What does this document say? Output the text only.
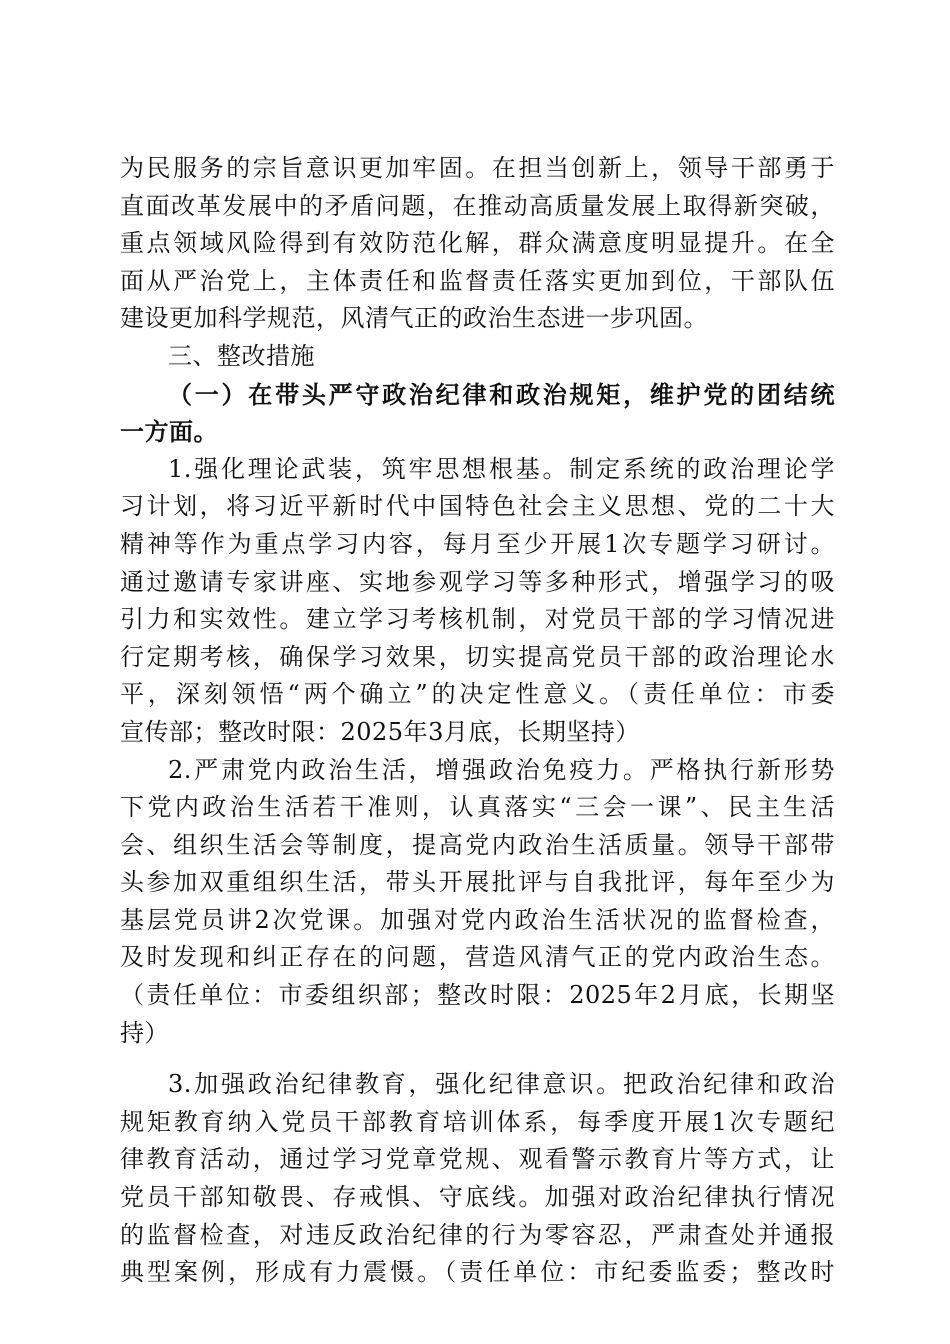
为民服务的宗旨意识更加牢固。在担当创新上，领导干部勇于
直面改革发展中的矛盾问题，在推动高质量发展上取得新突破，
重点领域风险得到有效防范化解，群众满意度明显提升。在全
面从严治党上，主体责任和监督责任落实更加到位，干部队伍
建设更加科学规范，风清气正的政治生态进一步巩固。
三、整改措施
（一）在带头严守政治纪律和政治规矩，维护党的团结统
一方面。
1.强化理论武装，筑牢思想根基。制定系统的政治理论学
习计划，将习近平新时代中国特色社会主义思想、党的二十大
精神等作为重点学习内容，每月至少开展1次专题学习研讨。
通过邀请专家讲座、实地参观学习等多种形式，增强学习的吸
引力和实效性。建立学习考核机制，对党员干部的学习情况进
行定期考核，确保学习效果，切实提高党员干部的政治理论水
平，深刻领悟“两个确立”的决定性意义。（责任单位：市委
宣传部；整改时限：2025年3月底，长期坚持）
2.严肃党内政治生活，增强政治免疫力。严格执行新形势
下党内政治生活若干准则，认真落实“三会一课”、民主生活
会、组织生活会等制度，提高党内政治生活质量。领导干部带
头参加双重组织生活，带头开展批评与自我批评，每年至少为
基层党员讲2次党课。加强对党内政治生活状况的监督检查，
及时发现和纠正存在的问题，营造风清气正的党内政治生态。
（责任单位：市委组织部；整改时限：2025年2月底，长期坚
持）
3.加强政治纪律教育，强化纪律意识。把政治纪律和政治
规矩教育纳入党员干部教育培训体系，每季度开展1次专题纪
律教育活动，通过学习党章党规、观看警示教育片等方式，让
党员干部知敬畏、存戒惧、守底线。加强对政治纪律执行情况
的监督检查，对违反政治纪律的行为零容忍，严肃查处并通报
典型案例，形成有力震慑。（责任单位：市纪委监委；整改时
